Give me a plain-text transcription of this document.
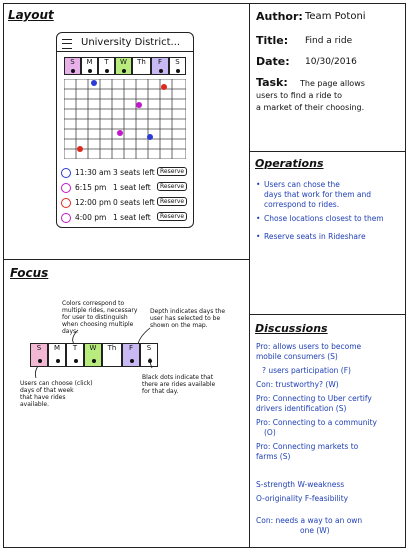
Layout
University District...
S	M	T	W	Th	F	S
11:30 am 3 seats left Reserve
6:15 pm 1 seat left	Reserve
12:00 pm 0 seats left Reserve
4:00 pm 1 seat left	Reserve
Author: Team Potoni
Title: Find a ride
Date: 10/30/2016
Task: The page allows
users to find a ride to
a market of their choosing.
Operations
• Users can chose the
days that work for them and
correspond to rides.
• Chose locations closest to them
• Reserve seats in Rideshare
Focus
Colors correspond to
multiple rides, necessary
for user to distinguish
when choosing multiple
days.
Depth indicates days the
user has selected to be
shown on the map.
S	M	T	W	Th	F	S
Users can choose (click)
days of that week
that have rides
available.
Black dots indicate that
there are rides available
for that day.
Discussions
Pro: allows users to become
mobile consumers (S)
? users participation (F)
Con: trustworthy? (W)
Pro: Connecting to Uber certify
drivers identification (S)
Pro: Connecting to a community
(O)
Pro: Connecting markets to
farms (S)
S-strength W-weakness
O-originality F-feasibility
Con: needs a way to an own
one (W)
